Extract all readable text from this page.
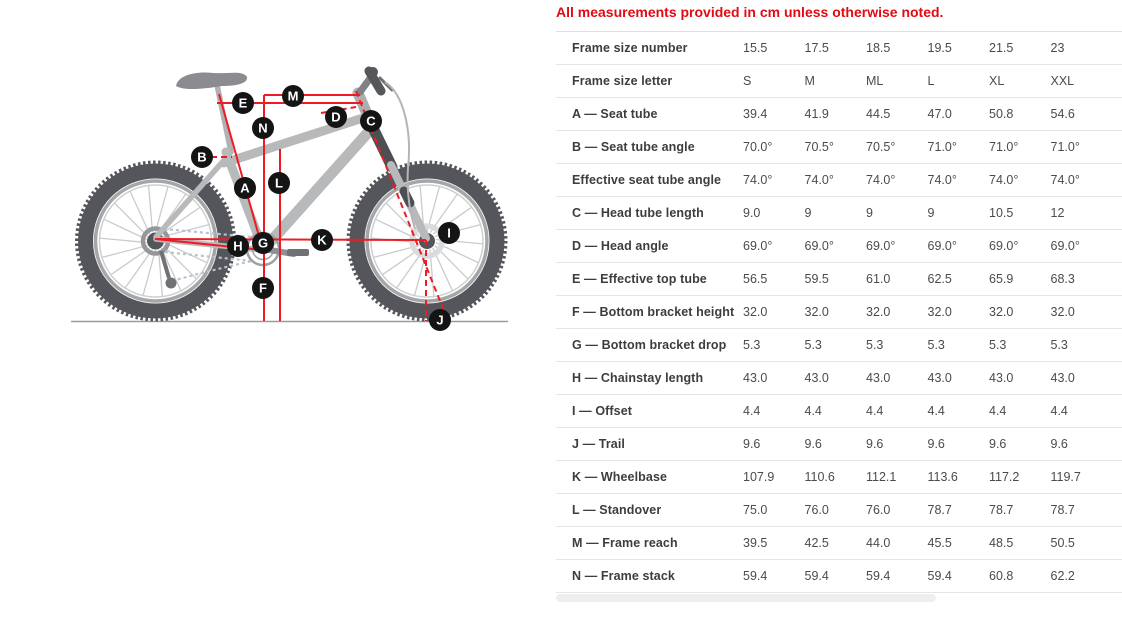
A
B
C
D
E
F
G
H
I
J
K
L
M
N

All measurements provided in cm unless otherwise noted.

Frame size number	15.5	17.5	18.5	19.5	21.5	23
Frame size letter	S	M	ML	L	XL	XXL
A — Seat tube	39.4	41.9	44.5	47.0	50.8	54.6
B — Seat tube angle	70.0°	70.5°	70.5°	71.0°	71.0°	71.0°
Effective seat tube angle	74.0°	74.0°	74.0°	74.0°	74.0°	74.0°
C — Head tube length	9.0	9	9	9	10.5	12
D — Head angle	69.0°	69.0°	69.0°	69.0°	69.0°	69.0°
E — Effective top tube	56.5	59.5	61.0	62.5	65.9	68.3
F — Bottom bracket height 32.0	32.0	32.0	32.0	32.0	32.0
G — Bottom bracket drop	5.3	5.3	5.3	5.3	5.3	5.3
H — Chainstay length	43.0	43.0	43.0	43.0	43.0	43.0
I — Offset	4.4	4.4	4.4	4.4	4.4	4.4
J — Trail	9.6	9.6	9.6	9.6	9.6	9.6
K — Wheelbase	107.9	110.6	112.1	113.6	117.2	119.7
L — Standover	75.0	76.0	76.0	78.7	78.7	78.7
M — Frame reach	39.5	42.5	44.0	45.5	48.5	50.5
N — Frame stack	59.4	59.4	59.4	59.4	60.8	62.2
